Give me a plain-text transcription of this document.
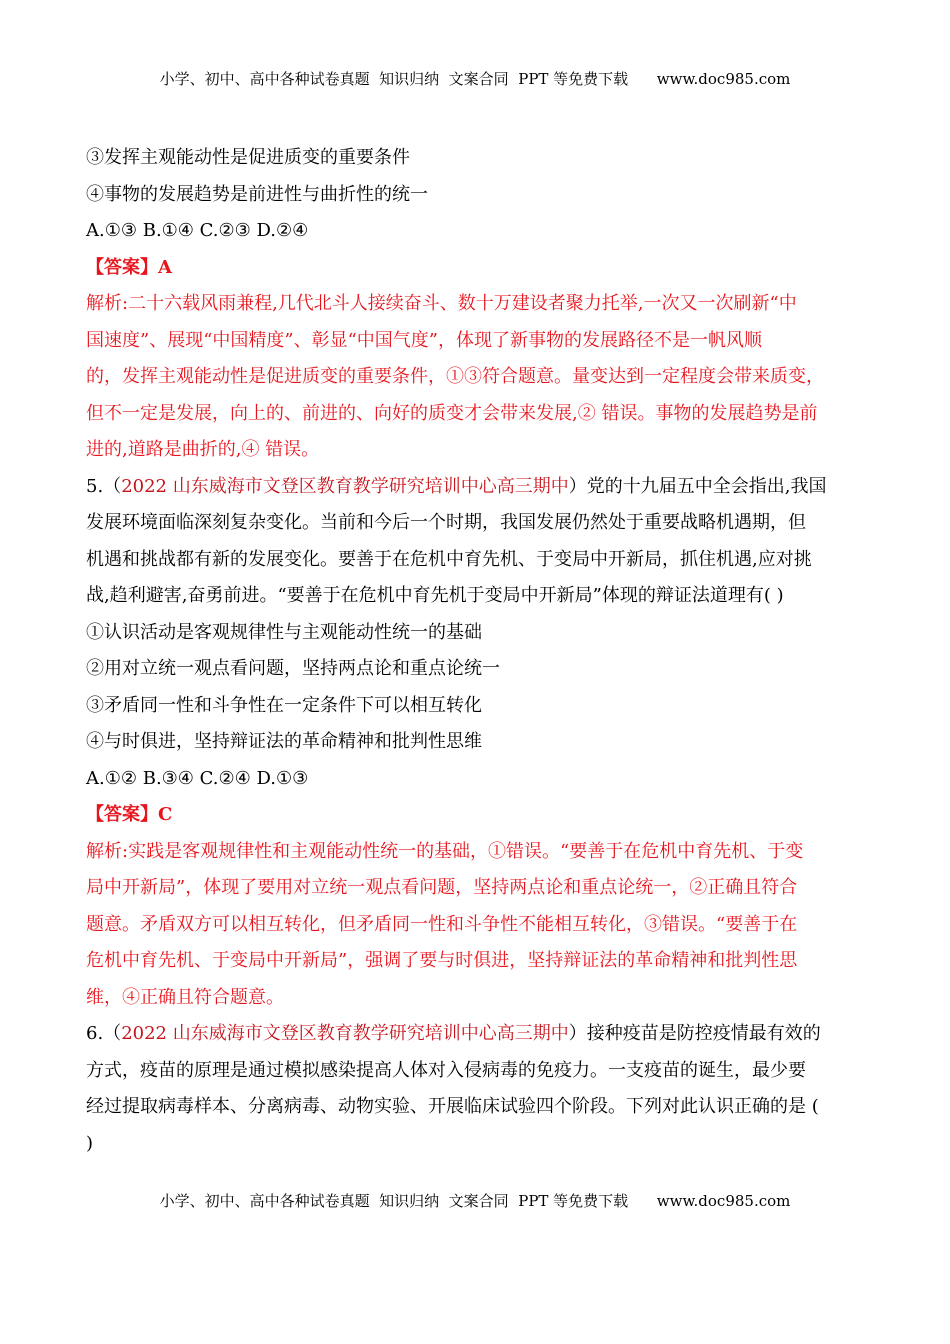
小学、初中、高中各种试卷真题  知识归纳  文案合同  PPT 等免费下载      www.doc985.com
③发挥主观能动性是促进质变的重要条件
④事物的发展趋势是前进性与曲折性的统一
A.①③ B.①④ C.②③ D.②④
【答案】A
解析:二十六载风雨兼程,几代北斗人接续奋斗、数十万建设者聚力托举,一次又一次刷新“中
国速度”、展现“中国精度”、彰显“中国气度”，体现了新事物的发展路径不是一帆风顺
的，发挥主观能动性是促进质变的重要条件，①③符合题意。量变达到一定程度会带来质变，
但不一定是发展，向上的、前进的、向好的质变才会带来发展,② 错误。事物的发展趋势是前
进的,道路是曲折的,④ 错误。
5.（2022 山东威海市文登区教育教学研究培训中心高三期中）党的十九届五中全会指出,我国
发展环境面临深刻复杂变化。当前和今后一个时期，我国发展仍然处于重要战略机遇期，但
机遇和挑战都有新的发展变化。要善于在危机中育先机、于变局中开新局，抓住机遇,应对挑
战,趋利避害,奋勇前进。“要善于在危机中育先机于变局中开新局”体现的辩证法道理有( )
①认识活动是客观规律性与主观能动性统一的基础
②用对立统一观点看问题，坚持两点论和重点论统一
③矛盾同一性和斗争性在一定条件下可以相互转化
④与时俱进，坚持辩证法的革命精神和批判性思维
A.①② B.③④ C.②④ D.①③
【答案】C
解析:实践是客观规律性和主观能动性统一的基础，①错误。“要善于在危机中育先机、于变
局中开新局”，体现了要用对立统一观点看问题，坚持两点论和重点论统一，②正确且符合
题意。矛盾双方可以相互转化，但矛盾同一性和斗争性不能相互转化，③错误。“要善于在
危机中育先机、于变局中开新局”，强调了要与时俱进，坚持辩证法的革命精神和批判性思
维，④正确且符合题意。
6.（2022 山东威海市文登区教育教学研究培训中心高三期中）接种疫苗是防控疫情最有效的
方式，疫苗的原理是通过模拟感染提高人体对入侵病毒的免疫力。一支疫苗的诞生，最少要
经过提取病毒样本、分离病毒、动物实验、开展临床试验四个阶段。下列对此认识正确的是 (
)
小学、初中、高中各种试卷真题  知识归纳  文案合同  PPT 等免费下载      www.doc985.com
